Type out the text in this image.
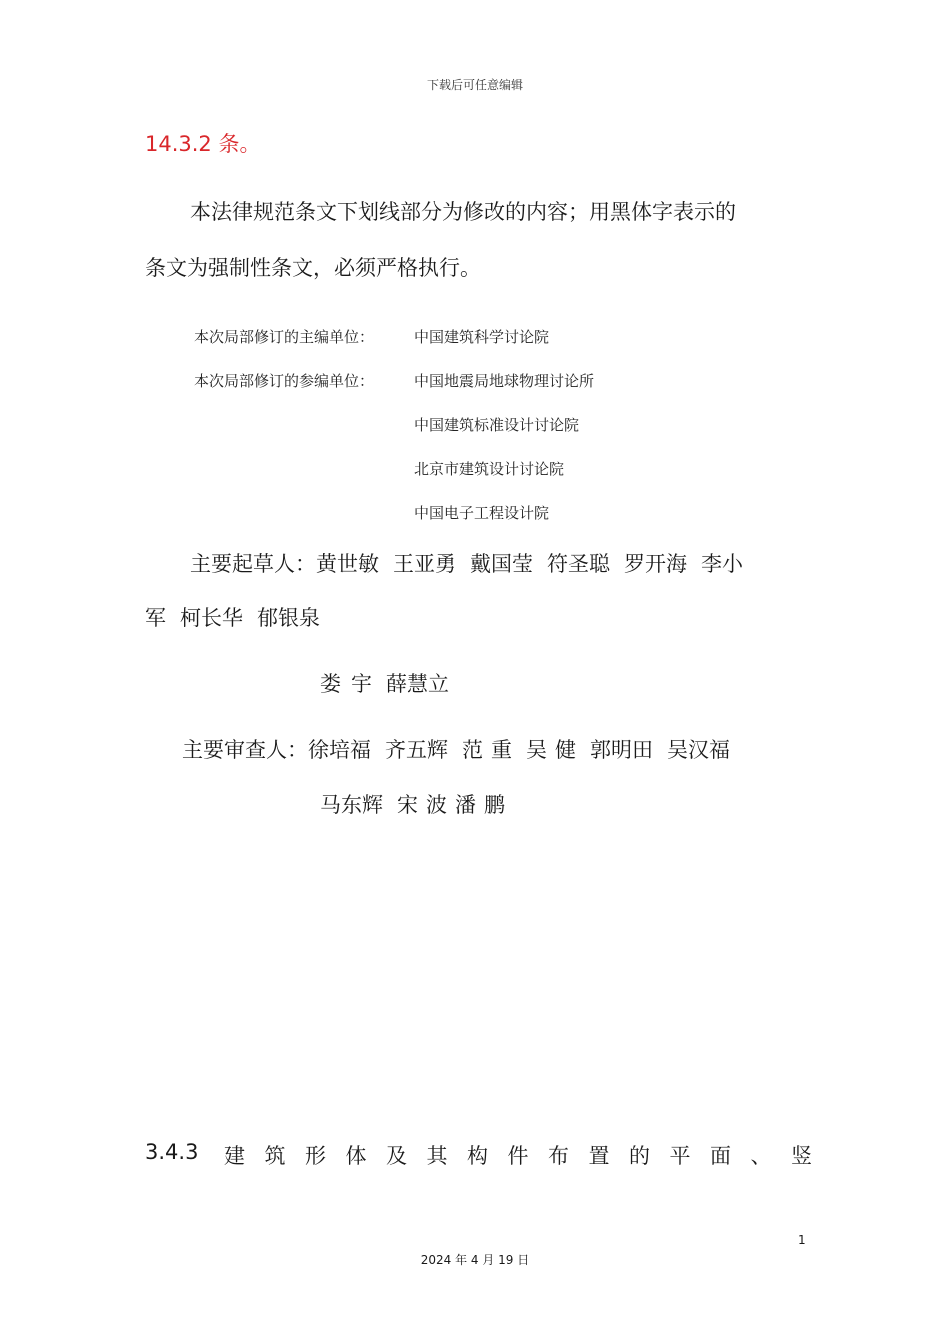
下载后可任意编辑
14.3.2 条。
本法律规范条文下划线部分为修改的内容；用黑体字表示的
条文为强制性条文，必须严格执行。
本次局部修订的主编单位：	中国建筑科学讨论院
本次局部修订的参编单位：	中国地震局地球物理讨论所
中国建筑标准设计讨论院
北京市建筑设计讨论院
中国电子工程设计院
主要起草人：黄世敏 王亚勇 戴国莹 符圣聪 罗开海 李小
军 柯长华 郁银泉
娄 宇 薛慧立
主要审查人：徐培福 齐五辉 范 重 吴 健 郭明田 吴汉福
马东辉 宋 波 潘 鹏
3.4.3 建筑形体及其构件布置的平面、竖
1
2024 年 4 月 19 日
